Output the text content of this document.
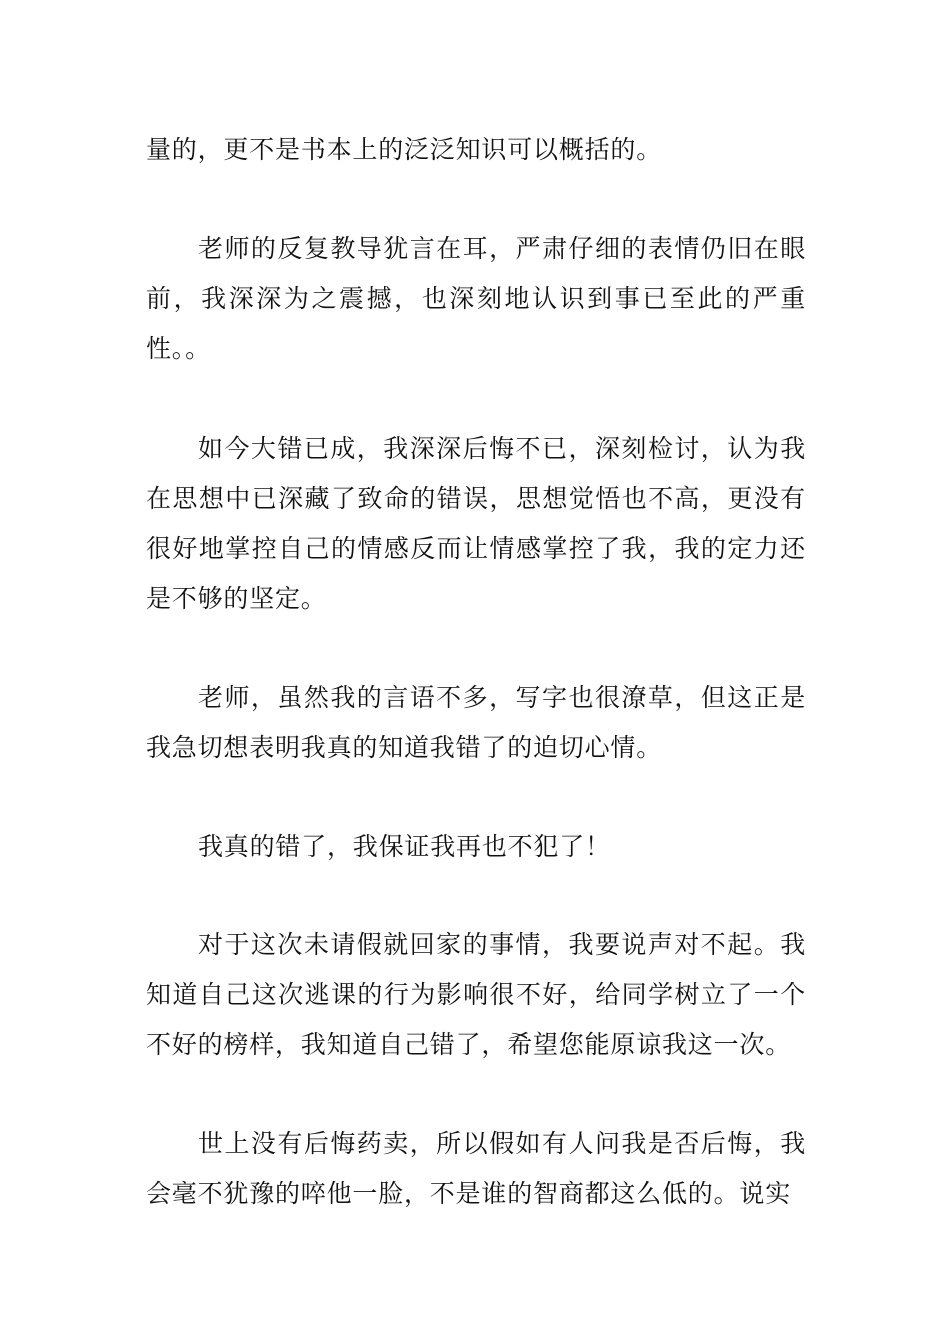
量的，更不是书本上的泛泛知识可以概括的。

老师的反复教导犹言在耳，严肃仔细的表情仍旧在眼前，我深深为之震撼，也深刻地认识到事已至此的严重性。。

如今大错已成，我深深后悔不已，深刻检讨，认为我在思想中已深藏了致命的错误，思想觉悟也不高，更没有很好地掌控自己的情感反而让情感掌控了我，我的定力还是不够的坚定。

老师，虽然我的言语不多，写字也很潦草，但这正是我急切想表明我真的知道我错了的迫切心情。

我真的错了，我保证我再也不犯了！

对于这次未请假就回家的事情，我要说声对不起。我知道自己这次逃课的行为影响很不好，给同学树立了一个不好的榜样，我知道自己错了，希望您能原谅我这一次。

世上没有后悔药卖，所以假如有人问我是否后悔，我会毫不犹豫的啐他一脸，不是谁的智商都这么低的。说实
